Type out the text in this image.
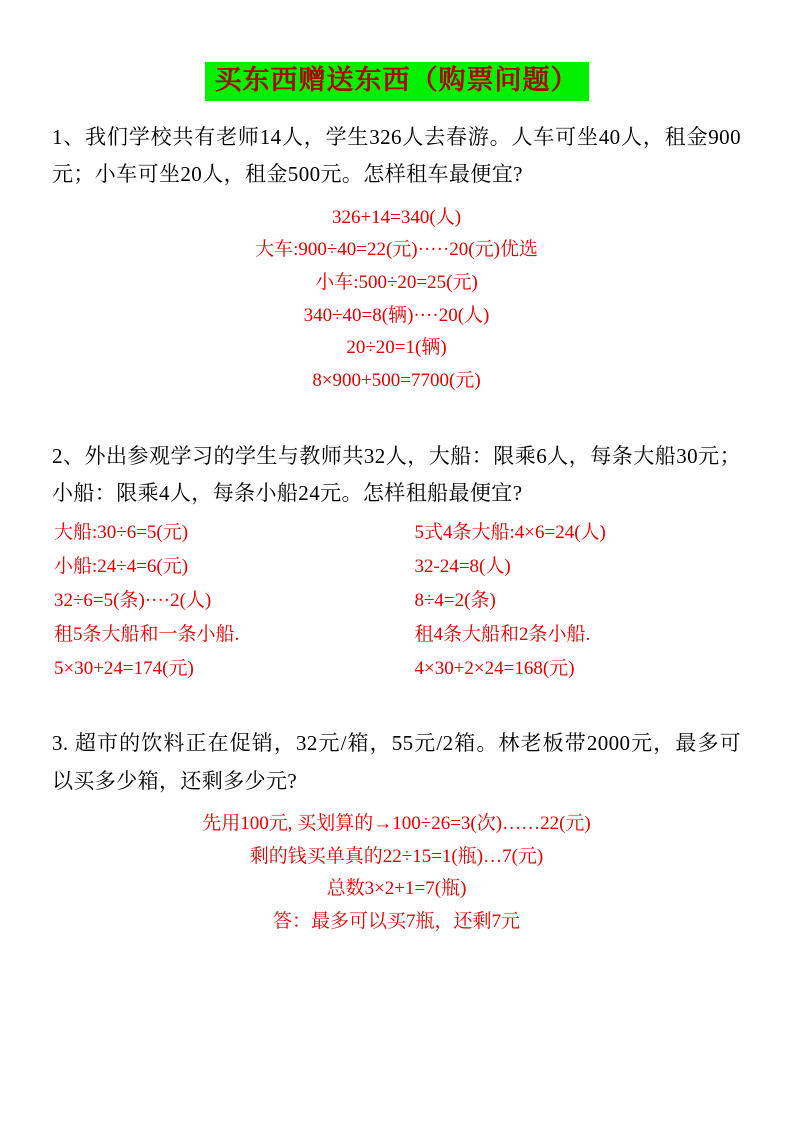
买东西赠送东西（购票问题）
1、我们学校共有老师14人，学生326人去春游。人车可坐40人，租金900元；小车可坐20人，租金500元。怎样租车最便宜?
326+14=340(人)
大车:900÷40=22(元)·····20(元)优选
小车:500÷20=25(元)
340÷40=8(辆)····20(人)
20÷20=1(辆)
8×900+500=7700(元)
2、外出参观学习的学生与教师共32人，大船：限乘6人，每条大船30元；小船：限乘4人，每条小船24元。怎样租船最便宜?
大船:30÷6=5(元)
小船:24÷4=6(元)
32÷6=5(条)····2(人)
租5条大船和一条小船.
5×30+24=174(元)
5式4条大船:4×6=24(人)
32-24=8(人)
8÷4=2(条)
租4条大船和2条小船.
4×30+2×24=168(元)
3. 超市的饮料正在促销，32元/箱，55元/2箱。林老板带2000元，最多可以买多少箱，还剩多少元?
先用100元, 买划算的→100÷26=3(次)……22(元)
剩的钱买单真的22÷15=1(瓶)…7(元)
总数3×2+1=7(瓶)
答：最多可以买7瓶，还剩7元
